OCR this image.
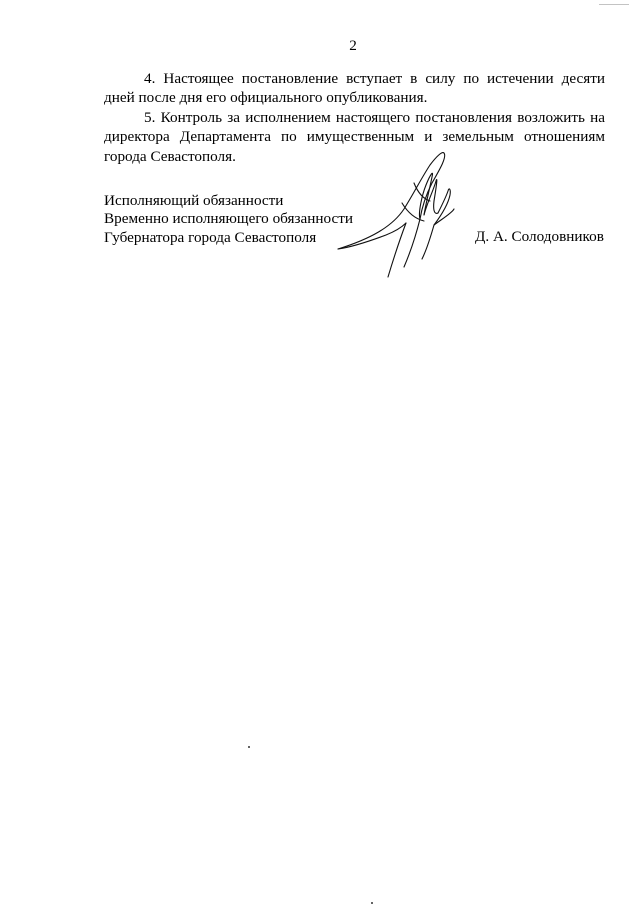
2

4. Настоящее постановление вступает в силу по истечении десяти дней после дня его официального опубликования.

5. Контроль за исполнением настоящего постановления возложить на директора Департамента по имущественным и земельным отношениям города Севастополя.

Исполняющий обязанности
Временно исполняющего обязанности
Губернатора города Севастополя	Д. А. Солодовников
